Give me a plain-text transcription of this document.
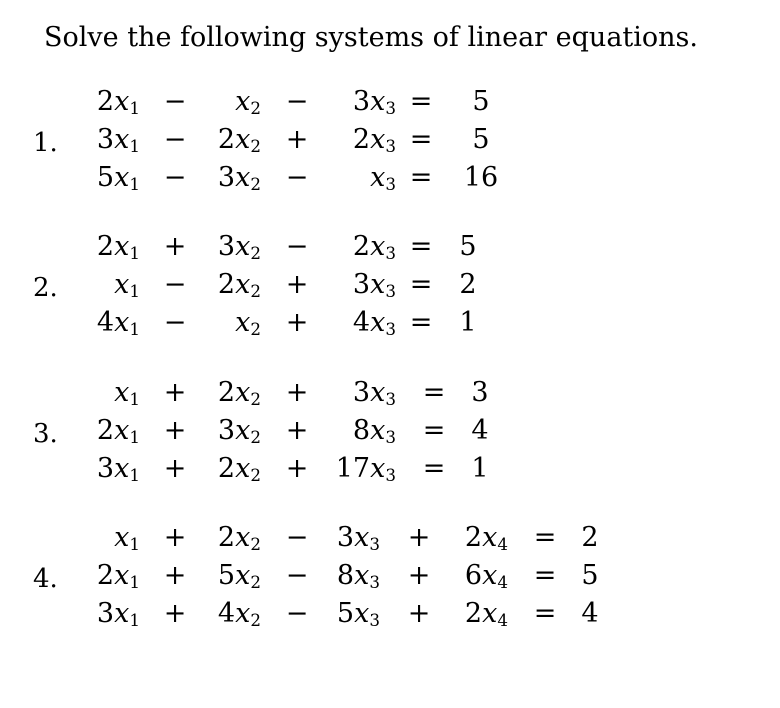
Solve the following systems of linear equations.
1.
$2x_1$ −	$x_2$ −	$3x_3$ =	5
$3x_1$ −	$2x_2$ +	$2x_3$ =	5
$5x_1$ −	$3x_2$ −	$x_3$ =	16
2.
$2x_1$ +	$3x_2$ −	$2x_3$ =	5
$x_1$ −	$2x_2$ +	$3x_3$ =	2
$4x_1$ −	$x_2$ +	$4x_3$ =	1
3.
$x_1$ +	$2x_2$ +	$3x_3 = 3$
$2x_1$ +	$3x_2$ +	$8x_3 = 4$
$3x_1$ +	$2x_2$ +	$17x_3 = 1$
4.
$x_1$ +	$2x_2$ −	$3x_3$	+	$2x_4 = 2$
$2x_1$ +	$5x_2$ −	$8x_3$	+	$6x_4 = 5$
$3x_1$ +	$4x_2$ −	$5x_3$	+	$2x_4 = 4$
